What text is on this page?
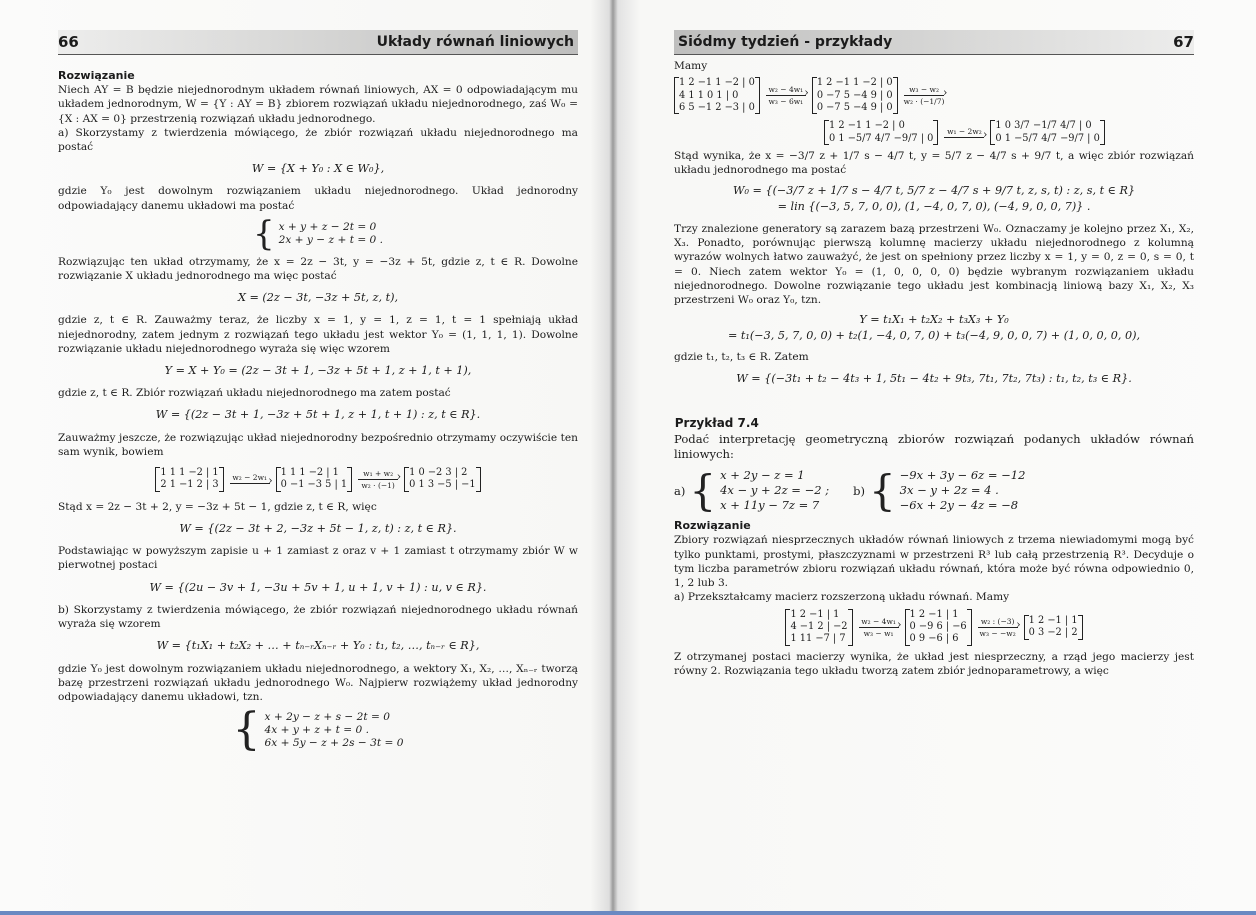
66	Układy równań liniowych
Rozwiązanie

Niech AY = B będzie niejednorodnym układem równań liniowych, AX = 0 odpowiadającym mu układem jednorodnym, W = {Y : AY = B} zbiorem rozwiązań układu niejednorodnego, zaś W₀ = {X : AX = 0} przestrzenią rozwiązań układu jednorodnego.

a) Skorzystamy z twierdzenia mówiącego, że zbiór rozwiązań układu niejednorodnego ma postać

W = {X + Y₀ : X ∈ W₀},

gdzie Y₀ jest dowolnym rozwiązaniem układu niejednorodnego. Układ jednorodny odpowiadający danemu układowi ma postać

{ x + y + z − 2t = 0
2x + y − z + t = 0 .

Rozwiązując ten układ otrzymamy, że x = 2z − 3t, y = −3z + 5t, gdzie z, t ∈ R. Dowolne rozwiązanie X układu jednorodnego ma więc postać

X = (2z − 3t, −3z + 5t, z, t),

gdzie z, t ∈ R. Zauważmy teraz, że liczby x = 1, y = 1, z = 1, t = 1 spełniają układ niejednorodny, zatem jednym z rozwiązań tego układu jest wektor Y₀ = (1, 1, 1, 1). Dowolne rozwiązanie układu niejednorodnego wyraża się więc wzorem

Y = X + Y₀ = (2z − 3t + 1, −3z + 5t + 1, z + 1, t + 1),

gdzie z, t ∈ R. Zbiór rozwiązań układu niejednorodnego ma zatem postać

W = {(2z − 3t + 1, −3z + 5t + 1, z + 1, t + 1) : z, t ∈ R}.

Zauważmy jeszcze, że rozwiązując układ niejednorodny bezpośrednio otrzymamy oczywiście ten sam wynik, bowiem

1 1 1 −2 | 1
2 1 −1 2 | 3
w₂ − 2w₁
› 1 1 1 −2 | 1
0 −1 −3 5 | 1
w₁ + w₂
›
w₂ · (−1)
1 0 −2 3 | 2
0 1 3 −5 | −1

Stąd x = 2z − 3t + 2, y = −3z + 5t − 1, gdzie z, t ∈ R, więc

W = {(2z − 3t + 2, −3z + 5t − 1, z, t) : z, t ∈ R}.

Podstawiając w powyższym zapisie u + 1 zamiast z oraz v + 1 zamiast t otrzymamy zbiór W w pierwotnej postaci

W = {(2u − 3v + 1, −3u + 5v + 1, u + 1, v + 1) : u, v ∈ R}.

b) Skorzystamy z twierdzenia mówiącego, że zbiór rozwiązań niejednorodnego układu równań wyraża się wzorem

W = {t₁X₁ + t₂X₂ + … + tₙ₋ᵣXₙ₋ᵣ + Y₀ : t₁, t₂, …, tₙ₋ᵣ ∈ R},

gdzie Y₀ jest dowolnym rozwiązaniem układu niejednorodnego, a wektory X₁, X₂, …, Xₙ₋ᵣ tworzą bazę przestrzeni rozwiązań układu jednorodnego W₀. Najpierw rozwiążemy układ jednorodny odpowiadający danemu układowi, tzn.

{ x + 2y − z + s − 2t = 0
4x + y + z + t = 0 .
6x + 5y − z + 2s − 3t = 0
Siódmy tydzień - przykłady	67

Mamy

1 2 −1 1 −2 | 0
4 1 1 0 1 | 0
6 5 −1 2 −3 | 0
w₂ − 4w₁
›
w₃ − 6w₁
1 2 −1 1 −2 | 0
0 −7 5 −4 9 | 0
0 −7 5 −4 9 | 0
w₃ − w₂
›
w₂ · (−1/7)
1 2 −1 1 −2 | 0
0 1 −5/7 4/7 −9/7 | 0
w₁ − 2w₂
› 1 0 3/7 −1/7 4/7 | 0
0 1 −5/7 4/7 −9/7 | 0

Stąd wynika, że x = −3/7 z + 1/7 s − 4/7 t, y = 5/7 z − 4/7 s + 9/7 t, a więc zbiór rozwiązań układu jednorodnego ma postać

W₀ = {(−3/7 z + 1/7 s − 4/7 t, 5/7 z − 4/7 s + 9/7 t, z, s, t) : z, s, t ∈ R}
= lin {(−3, 5, 7, 0, 0), (1, −4, 0, 7, 0), (−4, 9, 0, 0, 7)} .

Trzy znalezione generatory są zarazem bazą przestrzeni W₀. Oznaczamy je kolejno przez X₁, X₂, X₃. Ponadto, porównując pierwszą kolumnę macierzy układu niejednorodnego z kolumną wyrazów wolnych łatwo zauważyć, że jest on spełniony przez liczby x = 1, y = 0, z = 0, s = 0, t = 0. Niech zatem wektor Y₀ = (1, 0, 0, 0, 0) będzie wybranym rozwiązaniem układu niejednorodnego. Dowolne rozwiązanie tego układu jest kombinacją liniową bazy X₁, X₂, X₃ przestrzeni W₀ oraz Y₀, tzn.

Y = t₁X₁ + t₂X₂ + t₃X₃ + Y₀
= t₁(−3, 5, 7, 0, 0) + t₂(1, −4, 0, 7, 0) + t₃(−4, 9, 0, 0, 7) + (1, 0, 0, 0, 0),

gdzie t₁, t₂, t₃ ∈ R. Zatem

W = {(−3t₁ + t₂ − 4t₃ + 1, 5t₁ − 4t₂ + 9t₃, 7t₁, 7t₂, 7t₃) : t₁, t₂, t₃ ∈ R}.
● Przykład 7.4

Podać interpretację geometryczną zbiorów rozwiązań podanych układów równań liniowych:

a) { x + 2y − z = 1
4x − y + 2z = −2 ;
x + 11y − 7z = 7
b) { −9x + 3y − 6z = −12
3x − y + 2z = 4 .
−6x + 2y − 4z = −8
Rozwiązanie

Zbiory rozwiązań niesprzecznych układów równań liniowych z trzema niewiadomymi mogą być tylko punktami, prostymi, płaszczyznami w przestrzeni R³ lub całą przestrzenią R³. Decyduje o tym liczba parametrów zbioru rozwiązań układu równań, która może być równa odpowiednio 0, 1, 2 lub 3.

a) Przekształcamy macierz rozszerzoną układu równań. Mamy

1 2 −1 | 1
4 −1 2 | −2
1 11 −7 | 7
w₂ − 4w₁
›
w₃ − w₁
1 2 −1 | 1
0 −9 6 | −6
0 9 −6 | 6
w₂ : (−3)
›
w₃ − −w₂
1 2 −1 | 1
0 3 −2 | 2

Z otrzymanej postaci macierzy wynika, że układ jest niesprzeczny, a rząd jego macierzy jest równy 2. Rozwiązania tego układu tworzą zatem zbiór jednoparametrowy, a więc
